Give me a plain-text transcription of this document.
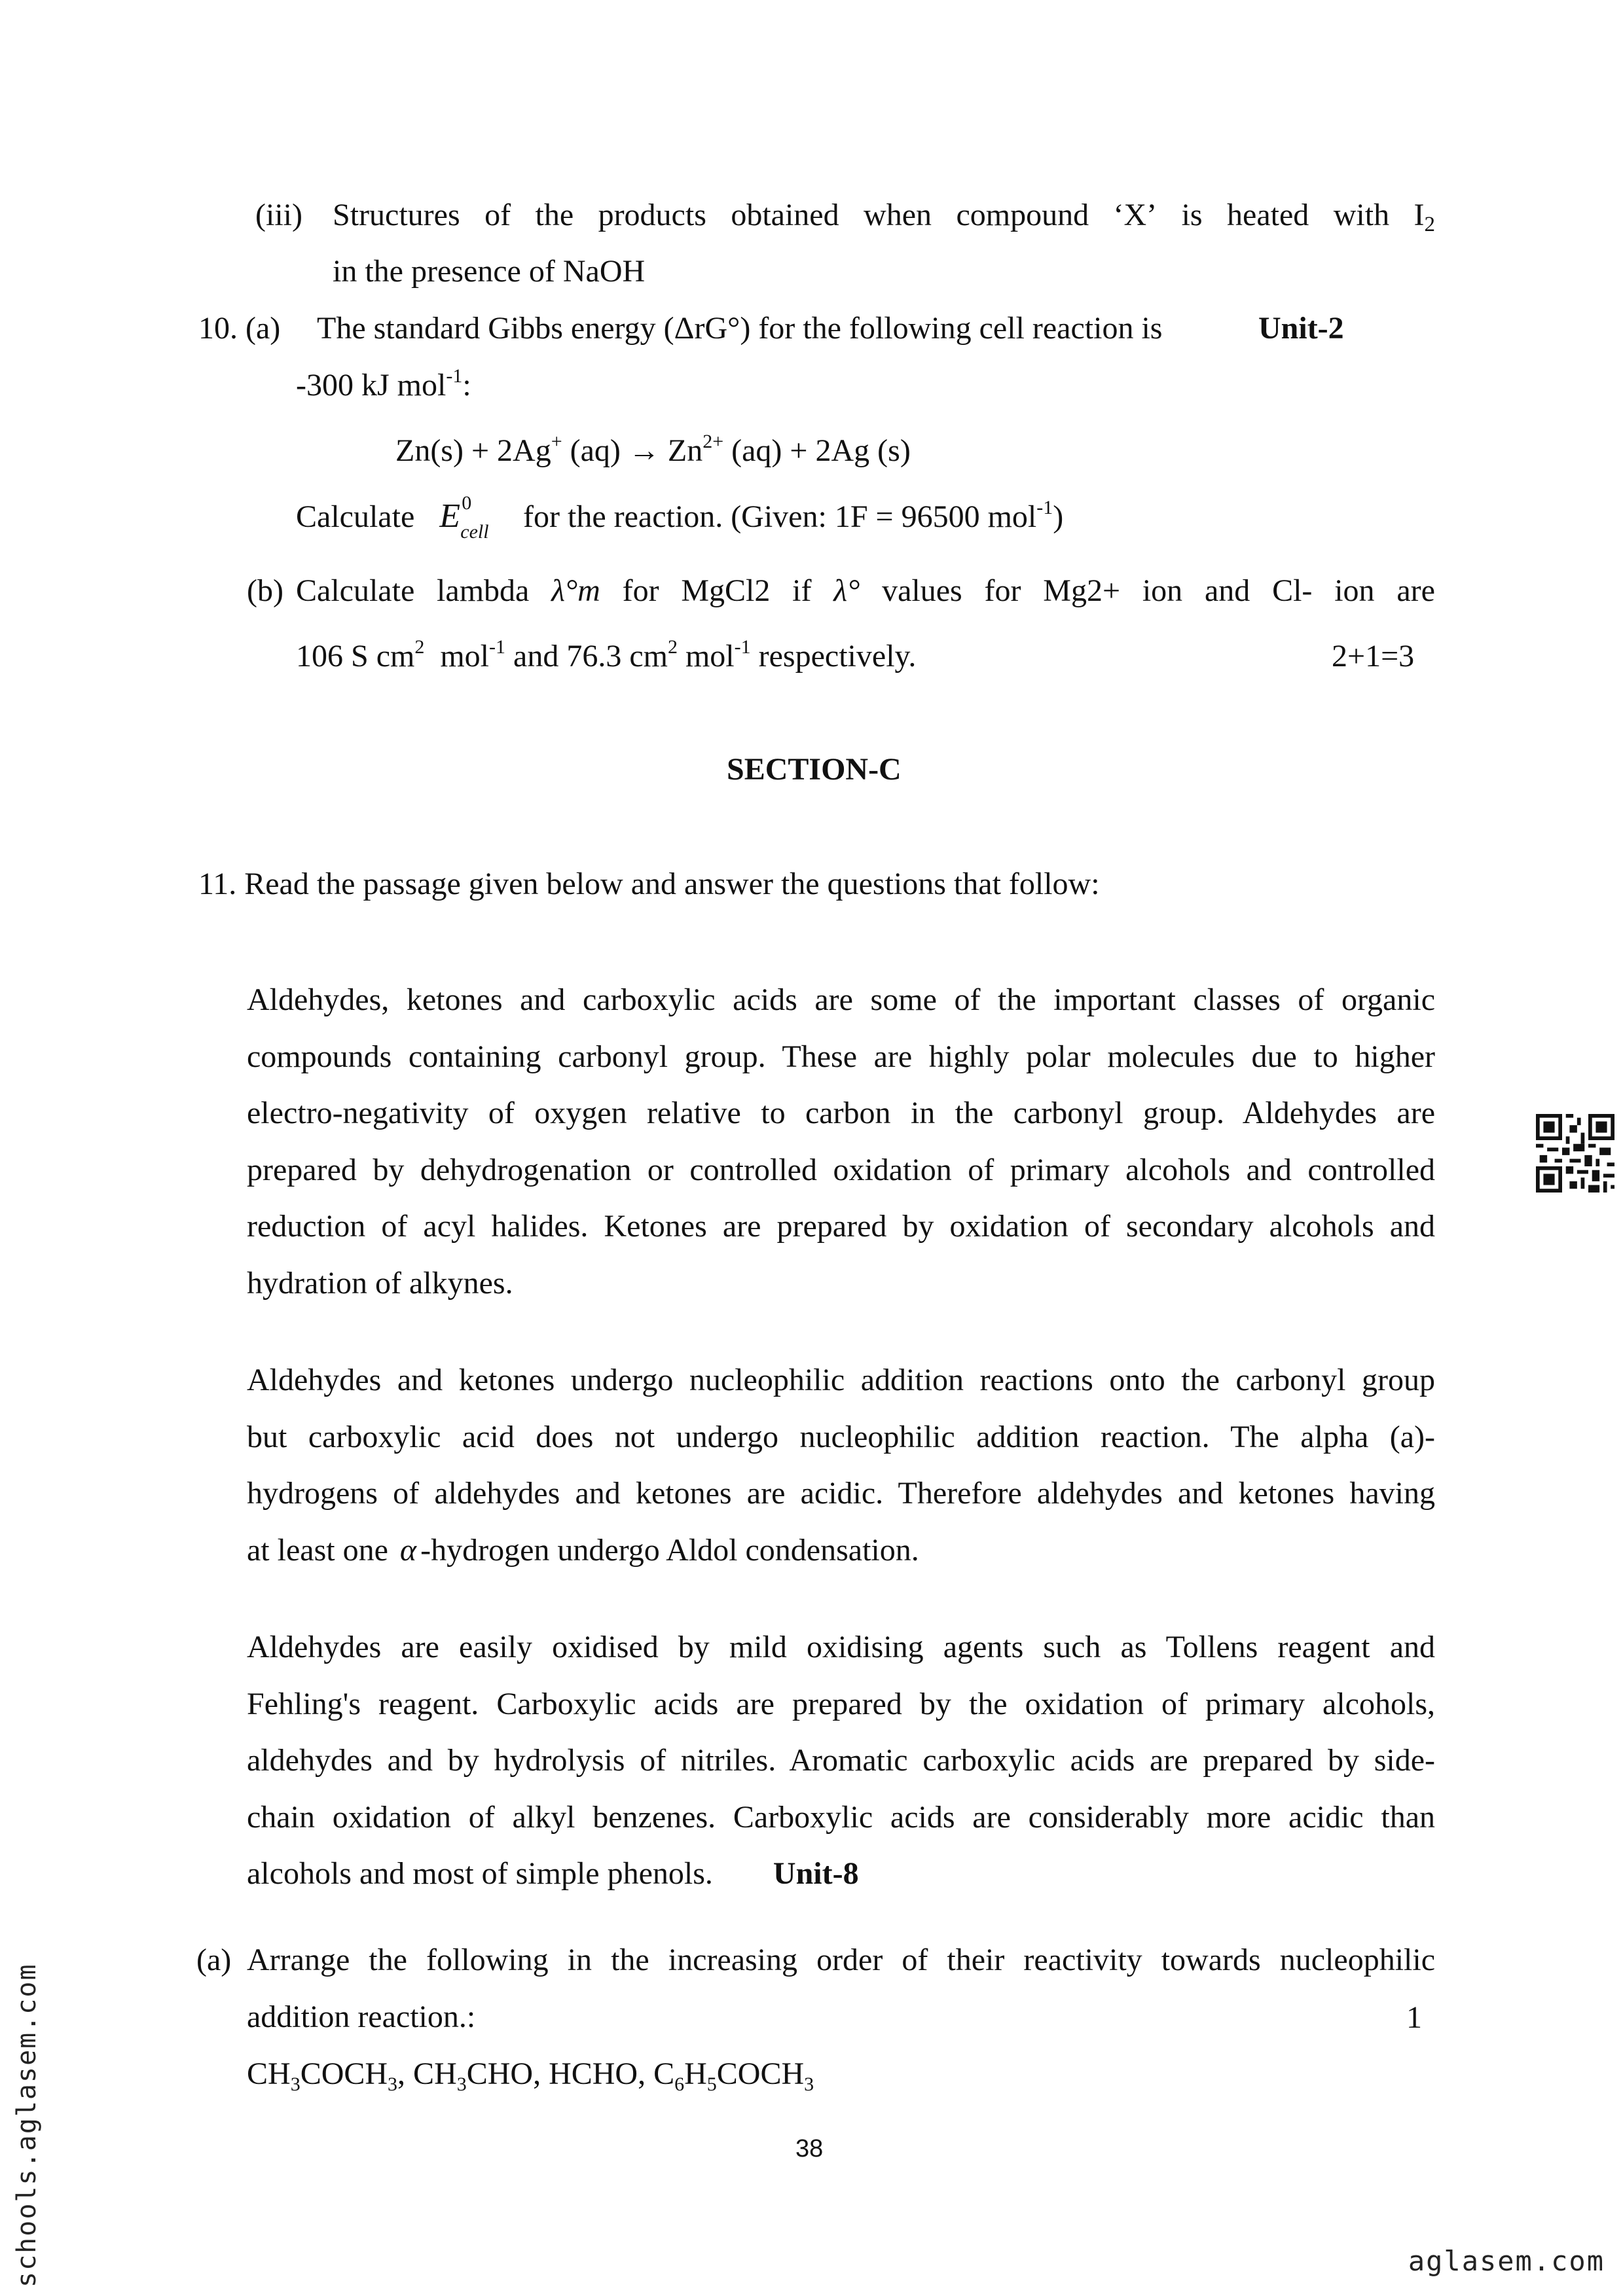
(iii) Structures of the products obtained when compound ‘X’ is heated with I2
in the presence of NaOH
10. (a) The standard Gibbs energy (ΔrG°) for the following cell reaction is	Unit-2
-300 kJ mol$^{-1}$:
Zn(s) + 2Ag+ $(aq) \to Zn^{2+}$ (aq) + 2Ag (s)
Calculate E 0
cell for the reaction. (Given: 1F = 96500 mol$^{-1}$)
(b) Calculate lambda λ°m for MgCl2 if λ° values for Mg2+ ion and Cl- ion are
106 S $cm^2$ mol$^{-1}$ and 76.3 $cm^2$ mol$^{-1}$ respectively.	2+1=3
SECTION-C
11. Read the passage given below and answer the questions that follow:

Aldehydes, ketones and carboxylic acids are some of the important classes of organic

compounds containing carbonyl group. These are highly polar molecules due to higher

electro-negativity of oxygen relative to carbon in the carbonyl group. Aldehydes are

prepared by dehydrogenation or controlled oxidation of primary alcohols and controlled

reduction of acyl halides. Ketones are prepared by oxidation of secondary alcohols and

hydration of alkynes.

Aldehydes and ketones undergo nucleophilic addition reactions onto the carbonyl group

but carboxylic acid does not undergo nucleophilic addition reaction. The alpha (a)-

hydrogens of aldehydes and ketones are acidic. Therefore aldehydes and ketones having

at least one α -hydrogen undergo Aldol condensation.

Aldehydes are easily oxidised by mild oxidising agents such as Tollens reagent and

Fehling's reagent. Carboxylic acids are prepared by the oxidation of primary alcohols,

aldehydes and by hydrolysis of nitriles. Aromatic carboxylic acids are prepared by side-

chain oxidation of alkyl benzenes. Carboxylic acids are considerably more acidic than

alcohols and most of simple phenols. Unit-8

(a) Arrange the following in the increasing order of their reactivity towards nucleophilic

addition reaction.:	1
$CH_3COCH_3$, $CH_3CHO$, HCHO, $C_6H_5COCH_3$
38
schools.aglasem.com	aglasem.com
